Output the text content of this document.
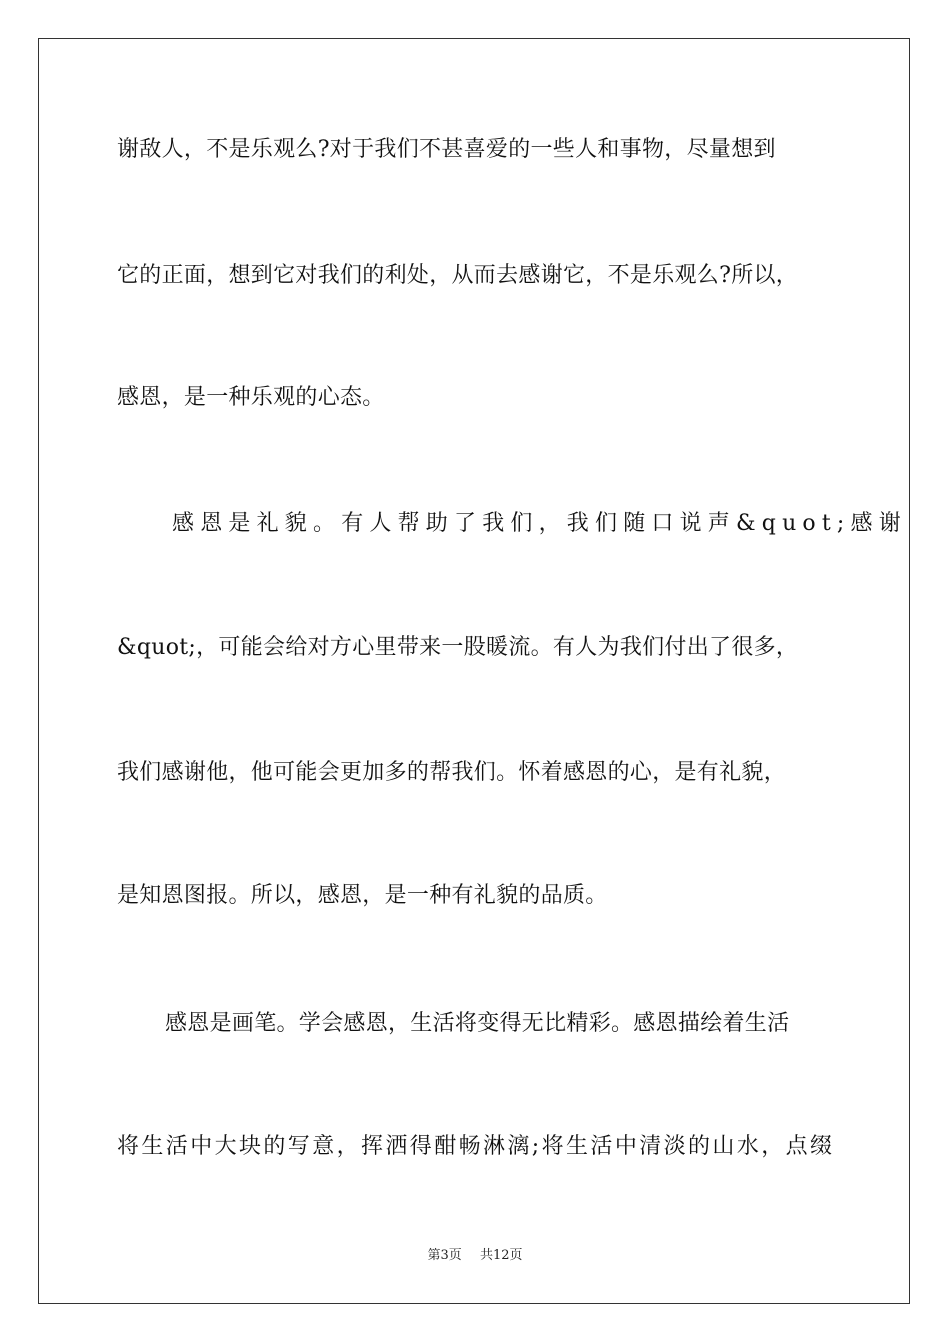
谢敌人，不是乐观么?对于我们不甚喜爱的一些人和事物，尽量想到
它的正面，想到它对我们的利处，从而去感谢它，不是乐观么?所以，
感恩，是一种乐观的心态。
感恩是礼貌。有人帮助了我们，我们随口说声&quot;感谢
&quot;，可能会给对方心里带来一股暖流。有人为我们付出了很多，
我们感谢他，他可能会更加多的帮我们。怀着感恩的心，是有礼貌，
是知恩图报。所以，感恩，是一种有礼貌的品质。
感恩是画笔。学会感恩，生活将变得无比精彩。感恩描绘着生活
将生活中大块的写意，挥洒得酣畅淋漓;将生活中清淡的山水，点缀
第3页 共12页
